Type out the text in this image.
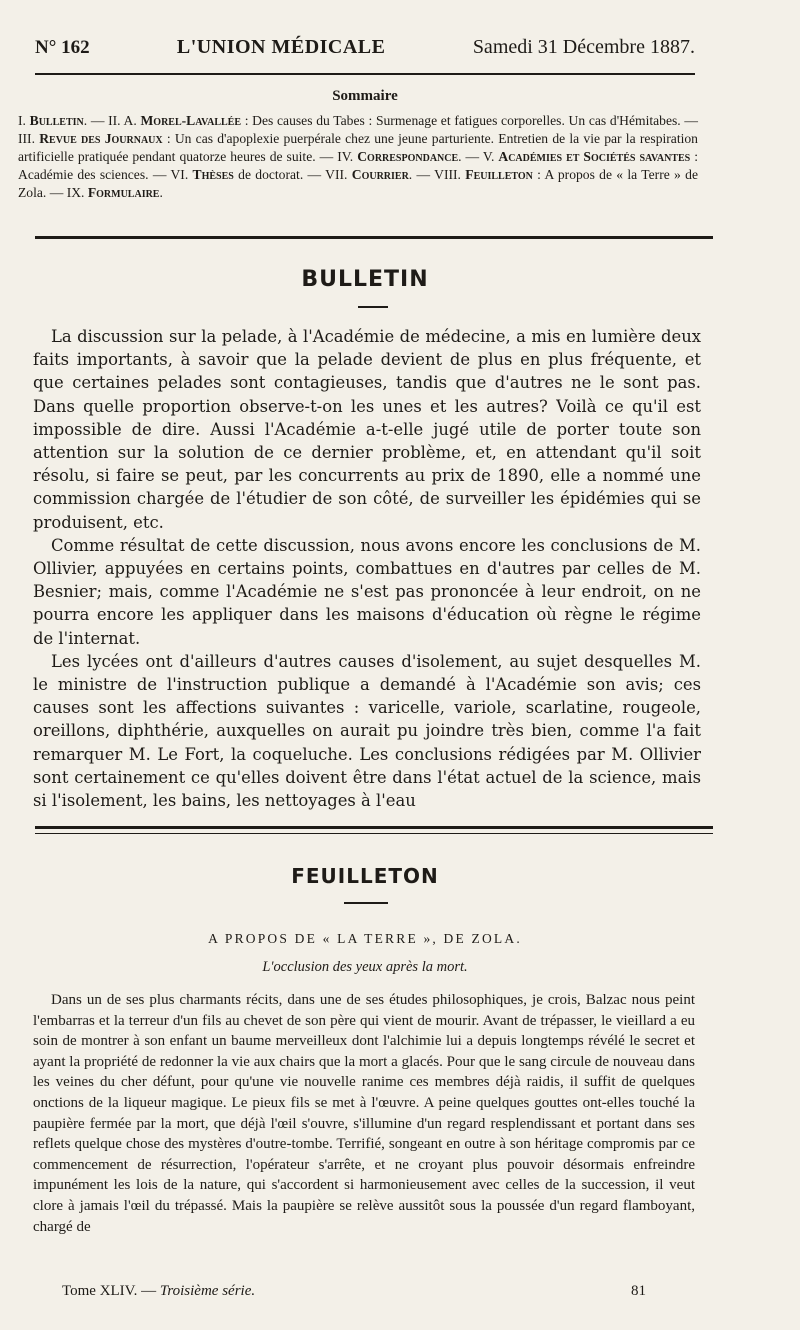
N° 162	L'UNION MÉDICALE	Samedi 31 Décembre 1887.
Sommaire
I. Bulletin. — II. A. Morel-Lavallée : Des causes du Tabes : Surmenage et fatigues corporelles. Un cas d'Hémitabes. — III. Revue des Journaux : Un cas d'apoplexie puerpérale chez une jeune parturiente. Entretien de la vie par la respiration artificielle pratiquée pendant quatorze heures de suite. — IV. Correspondance. — V. Académies et Sociétés savantes : Académie des sciences. — VI. Thèses de doctorat. — VII. Courrier. — VIII. Feuilleton : A propos de « la Terre » de Zola. — IX. Formulaire.
BULLETIN

La discussion sur la pelade, à l'Académie de médecine, a mis en lumière deux faits importants, à savoir que la pelade devient de plus en plus fréquente, et que certaines pelades sont contagieuses, tandis que d'autres ne le sont pas. Dans quelle proportion observe-t-on les unes et les autres? Voilà ce qu'il est impossible de dire. Aussi l'Académie a-t-elle jugé utile de porter toute son attention sur la solution de ce dernier problème, et, en attendant qu'il soit résolu, si faire se peut, par les concurrents au prix de 1890, elle a nommé une commission chargée de l'étudier de son côté, de surveiller les épidémies qui se produisent, etc.

Comme résultat de cette discussion, nous avons encore les conclusions de M. Ollivier, appuyées en certains points, combattues en d'autres par celles de M. Besnier; mais, comme l'Académie ne s'est pas prononcée à leur endroit, on ne pourra encore les appliquer dans les maisons d'éducation où règne le régime de l'internat.

Les lycées ont d'ailleurs d'autres causes d'isolement, au sujet desquelles M. le ministre de l'instruction publique a demandé à l'Académie son avis; ces causes sont les affections suivantes : varicelle, variole, scarlatine, rougeole, oreillons, diphthérie, auxquelles on aurait pu joindre très bien, comme l'a fait remarquer M. Le Fort, la coqueluche. Les conclusions rédigées par M. Ollivier sont certainement ce qu'elles doivent être dans l'état actuel de la science, mais si l'isolement, les bains, les nettoyages à l'eau

FEUILLETON
A PROPOS DE « LA TERRE », DE ZOLA.
L'occlusion des yeux après la mort.

Dans un de ses plus charmants récits, dans une de ses études philosophiques, je crois, Balzac nous peint l'embarras et la terreur d'un fils au chevet de son père qui vient de mourir. Avant de trépasser, le vieillard a eu soin de montrer à son enfant un baume merveilleux dont l'alchimie lui a depuis longtemps révélé le secret et ayant la propriété de redonner la vie aux chairs que la mort a glacés. Pour que le sang circule de nouveau dans les veines du cher défunt, pour qu'une vie nouvelle ranime ces membres déjà raidis, il suffit de quelques onctions de la liqueur magique. Le pieux fils se met à l'œuvre. A peine quelques gouttes ont-elles touché la paupière fermée par la mort, que déjà l'œil s'ouvre, s'illumine d'un regard resplendissant et portant dans ses reflets quelque chose des mystères d'outre-tombe. Terrifié, songeant en outre à son héritage compromis par ce commencement de résurrection, l'opérateur s'arrête, et ne croyant plus pouvoir désormais enfreindre impunément les lois de la nature, qui s'accordent si harmonieusement avec celles de la succession, il veut clore à jamais l'œil du trépassé. Mais la paupière se relève aussitôt sous la poussée d'un regard flamboyant, chargé de

Tome XLIV. — Troisième série.	81
